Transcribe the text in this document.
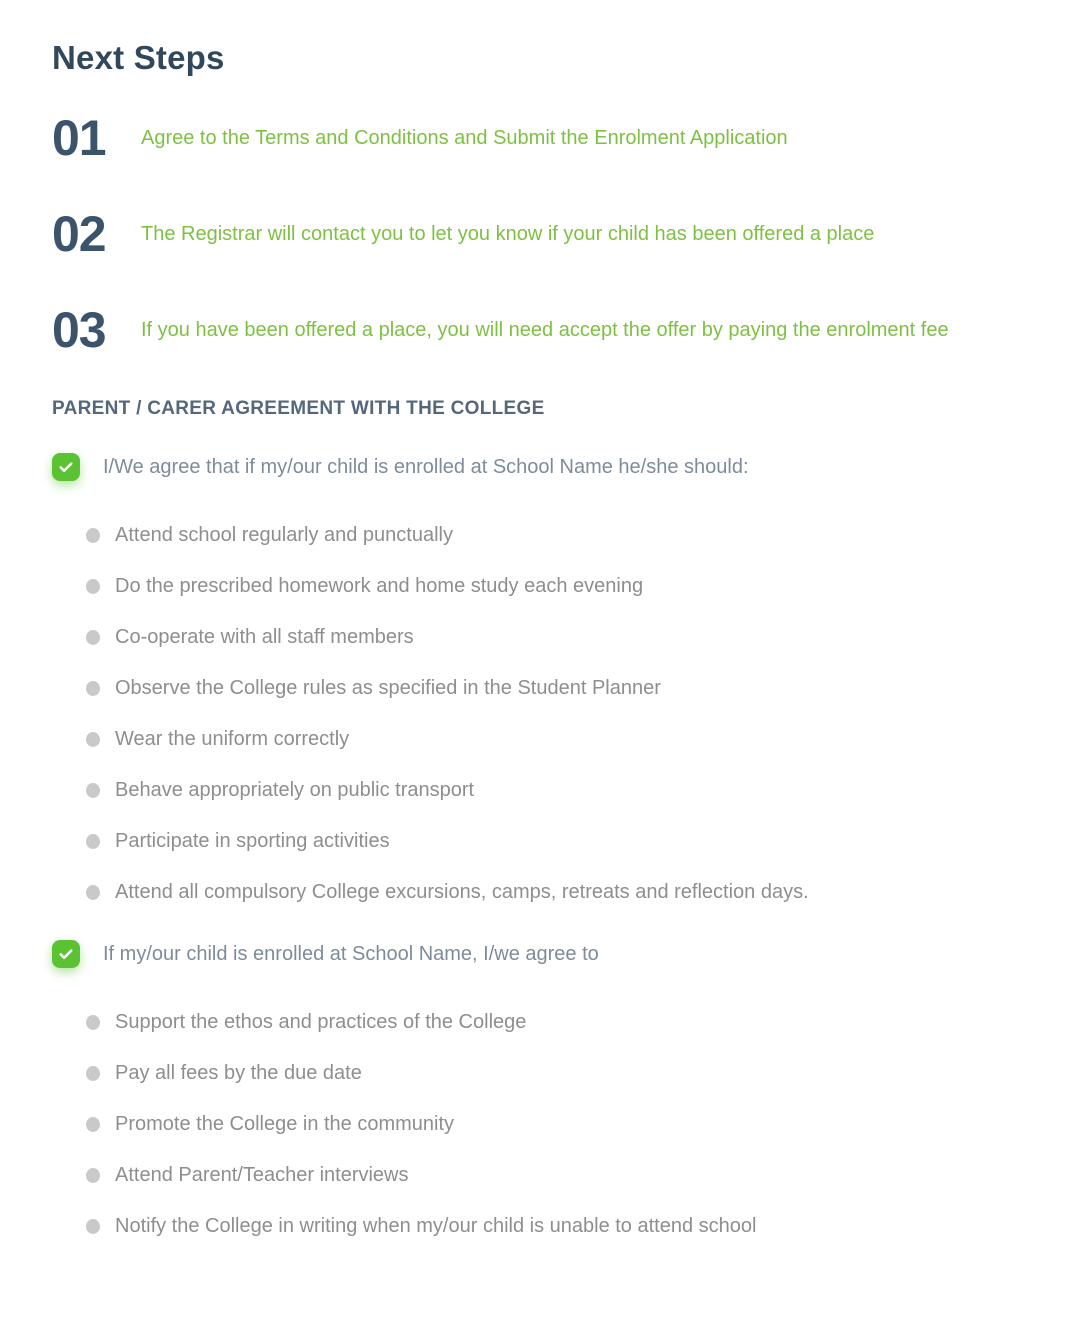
Next Steps
01	Agree to the Terms and Conditions and Submit the Enrolment Application
02	The Registrar will contact you to let you know if your child has been offered a place
03	If you have been offered a place, you will need accept the offer by paying the enrolment fee
PARENT / CARER AGREEMENT WITH THE COLLEGE
I/We agree that if my/our child is enrolled at School Name he/she should:
Attend school regularly and punctually
Do the prescribed homework and home study each evening
Co-operate with all staff members
Observe the College rules as specified in the Student Planner
Wear the uniform correctly
Behave appropriately on public transport
Participate in sporting activities
Attend all compulsory College excursions, camps, retreats and reflection days.
If my/our child is enrolled at School Name, I/we agree to
Support the ethos and practices of the College
Pay all fees by the due date
Promote the College in the community
Attend Parent/Teacher interviews
Notify the College in writing when my/our child is unable to attend school
